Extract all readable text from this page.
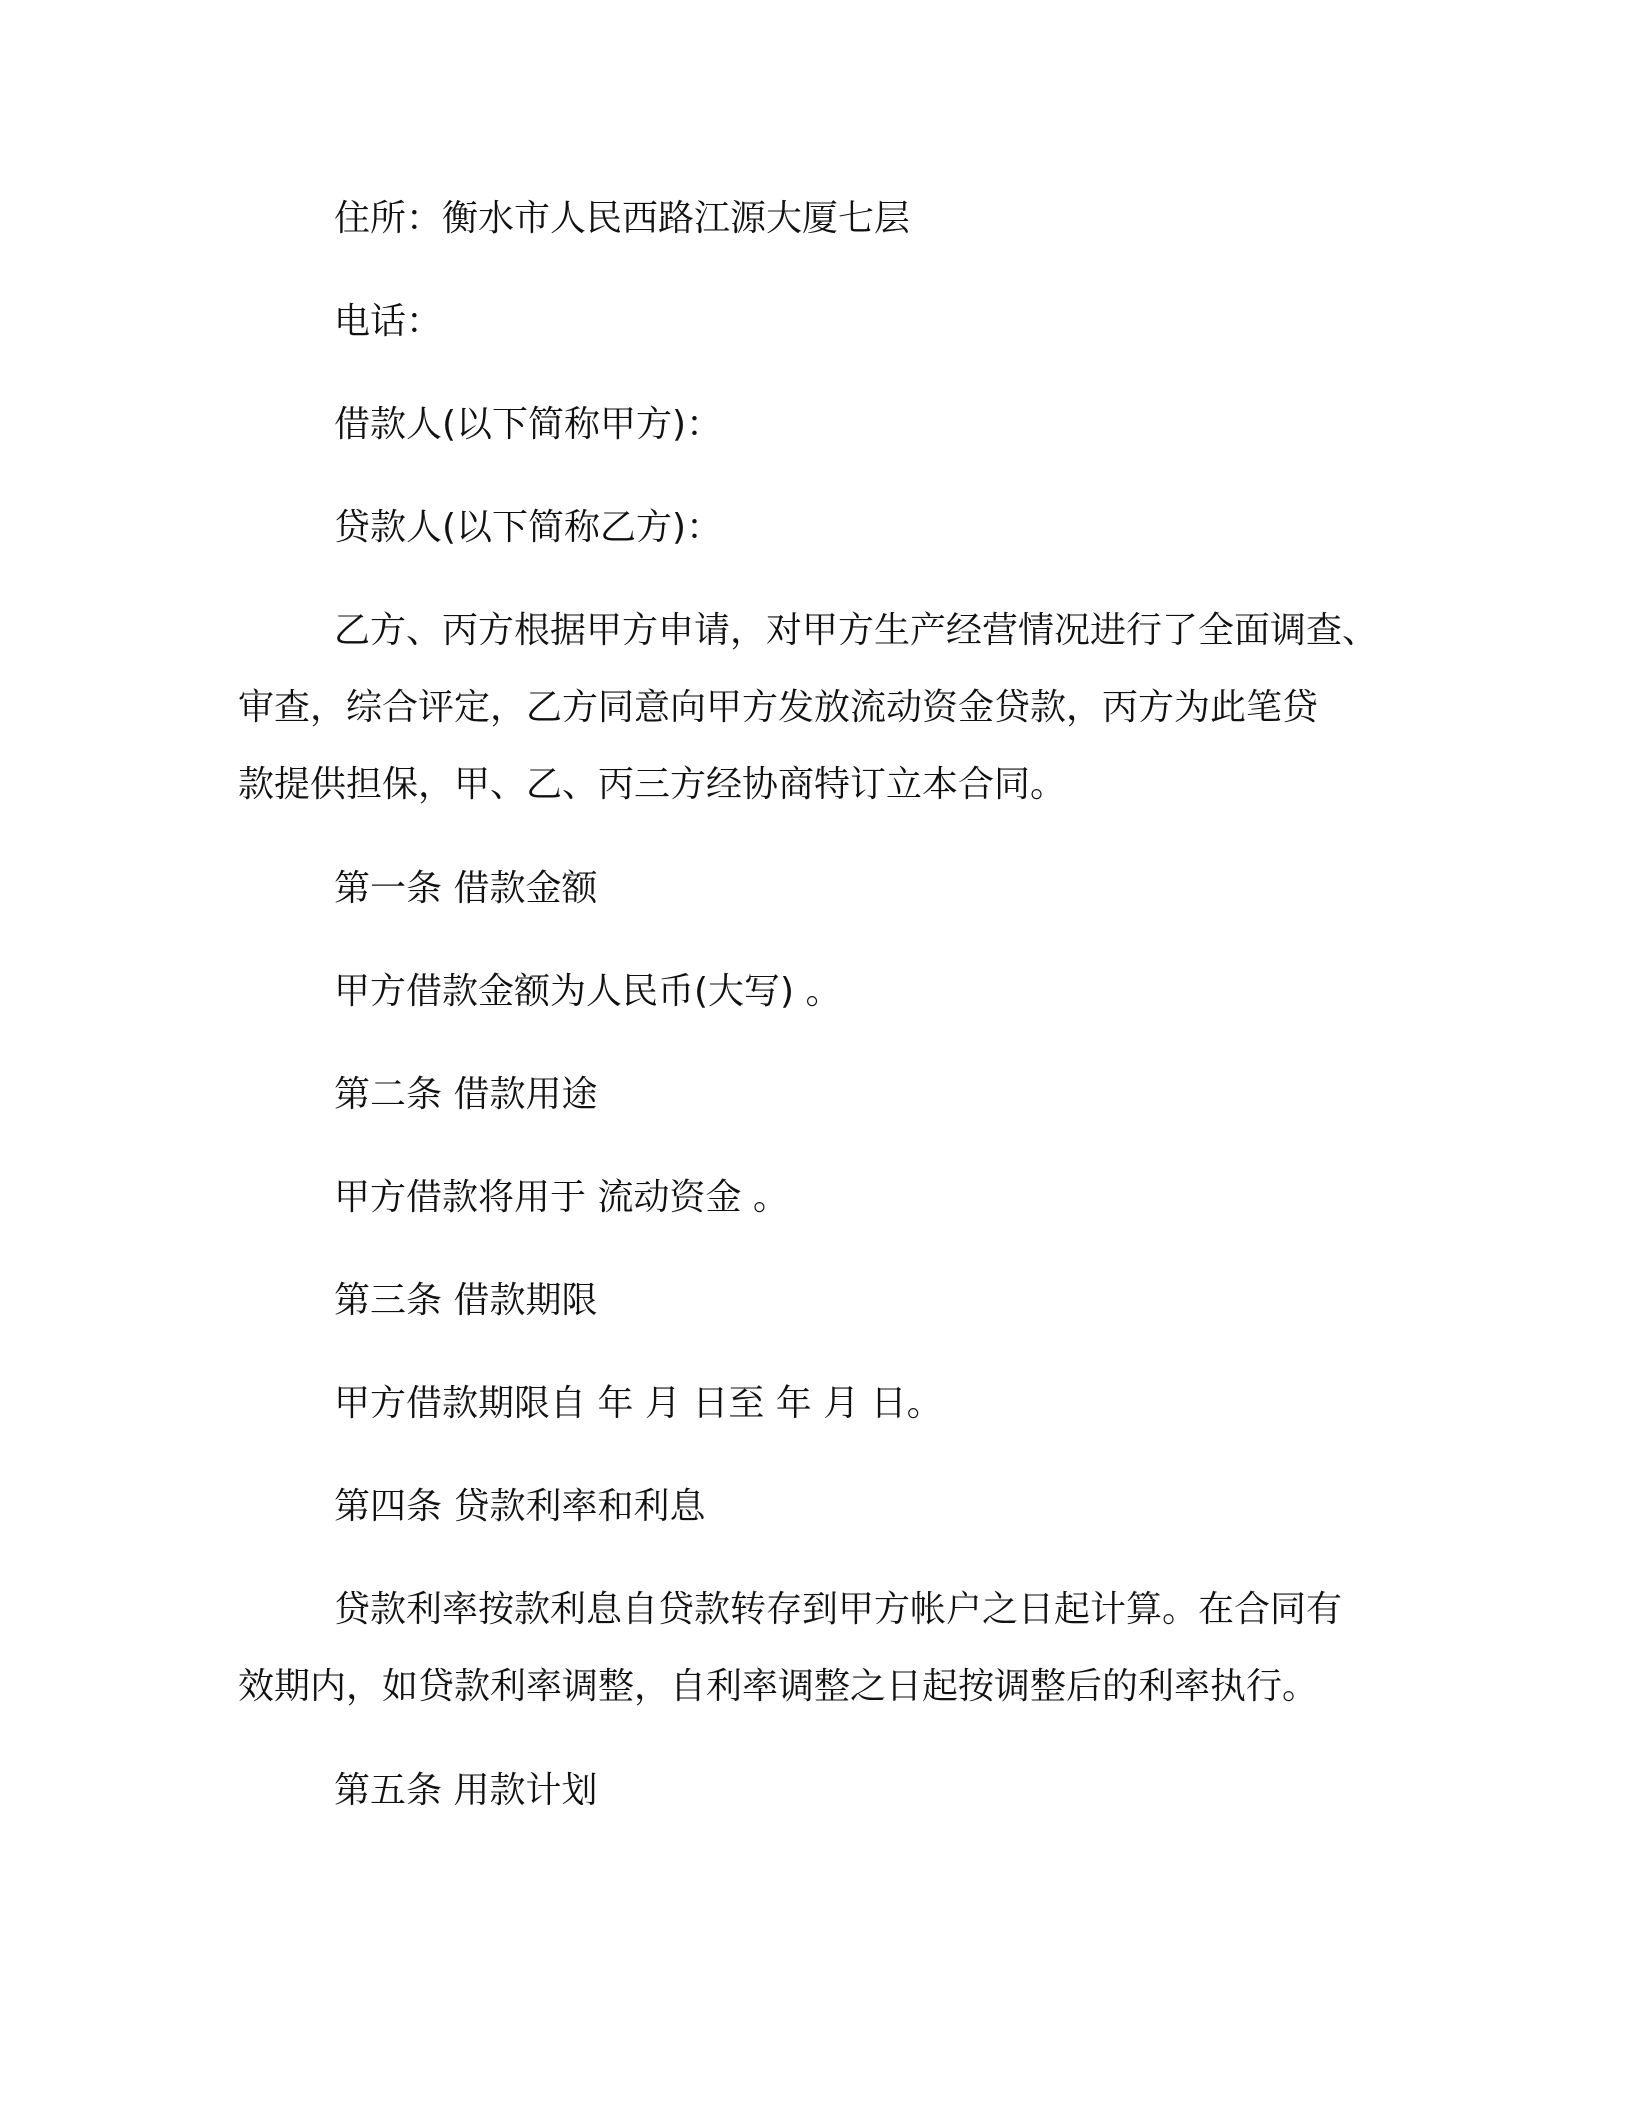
住所：衡水市人民西路江源大厦七层

电话：

借款人(以下简称甲方)：

贷款人(以下简称乙方)：

乙方、丙方根据甲方申请，对甲方生产经营情况进行了全面调查、
审查，综合评定，乙方同意向甲方发放流动资金贷款，丙方为此笔贷
款提供担保，甲、乙、丙三方经协商特订立本合同。

第一条 借款金额

甲方借款金额为人民币(大写) 。

第二条 借款用途

甲方借款将用于 流动资金 。

第三条 借款期限

甲方借款期限自 年 月 日至 年 月 日。

第四条 贷款利率和利息

贷款利率按款利息自贷款转存到甲方帐户之日起计算。在合同有
效期内，如贷款利率调整，自利率调整之日起按调整后的利率执行。

第五条 用款计划
